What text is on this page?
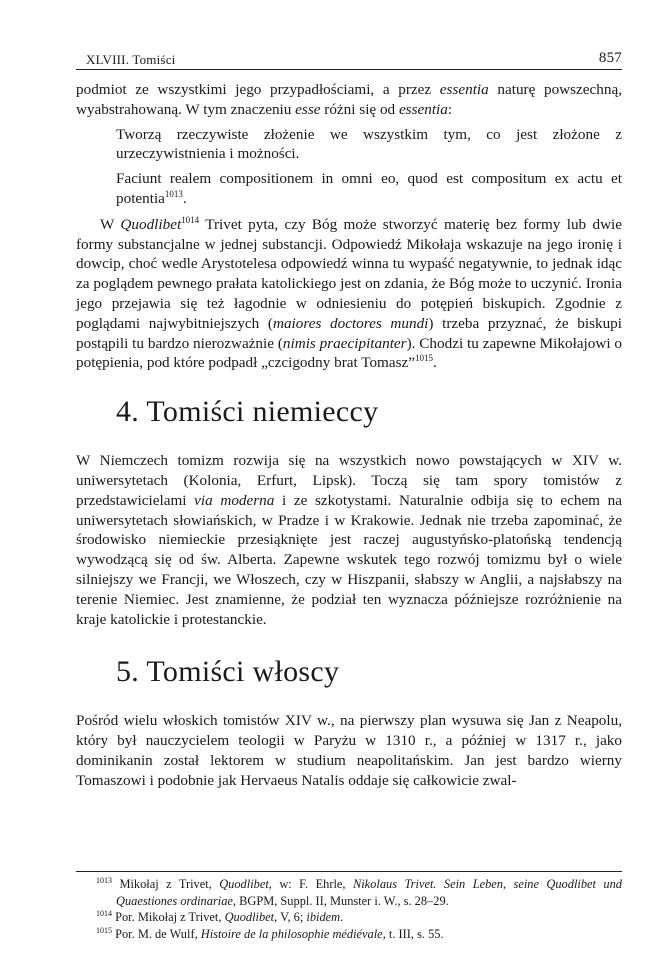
XLVIII. Tomiści	857

podmiot ze wszystkimi jego przypadłościami, a przez essentia naturę powszechną, wyabstrahowaną. W tym znaczeniu esse różni się od essentia:

Tworzą rzeczywiste złożenie we wszystkim tym, co jest złożone z urzeczywistnienia i możności.

Faciunt realem compositionem in omni eo, quod est compositum ex actu et potentia$^{1013}$.

W Quodlibet$^{1014}$ Trivet pyta, czy Bóg może stworzyć materię bez formy lub dwie formy substancjalne w jednej substancji. Odpowiedź Mikołaja wskazuje na jego ironię i dowcip, choć wedle Arystotelesa odpowiedź winna tu wypaść negatywnie, to jednak idąc za poglądem pewnego prałata katolickiego jest on zdania, że Bóg może to uczynić. Ironia jego przejawia się też łagodnie w odniesieniu do potępień biskupich. Zgodnie z poglądami najwybitniejszych (maiores doctores mundi) trzeba przyznać, że biskupi postąpili tu bardzo nierozważnie (nimis praecipitanter). Chodzi tu zapewne Mikołajowi o potępienia, pod które podpadł „czcigodny brat Tomasz”$^{1015}$.

4. Tomiści niemieccy

W Niemczech tomizm rozwija się na wszystkich nowo powstających w XIV w. uniwersytetach (Kolonia, Erfurt, Lipsk). Toczą się tam spory tomistów z przedstawicielami via moderna i ze szkotystami. Naturalnie odbija się to echem na uniwersytetach słowiańskich, w Pradze i w Krakowie. Jednak nie trzeba zapominać, że środowisko niemieckie przesiąknięte jest raczej augustyńsko-platońską tendencją wywodzącą się od św. Alberta. Zapewne wskutek tego rozwój tomizmu był o wiele silniejszy we Francji, we Włoszech, czy w Hiszpanii, słabszy w Anglii, a najsłabszy na terenie Niemiec. Jest znamienne, że podział ten wyznacza późniejsze rozróżnienie na kraje katolickie i protestanckie.

5. Tomiści włoscy

Pośród wielu włoskich tomistów XIV w., na pierwszy plan wysuwa się Jan z Neapolu, który był nauczycielem teologii w Paryżu w 1310 r., a później w 1317 r., jako dominikanin został lektorem w studium neapolitańskim. Jan jest bardzo wierny Tomaszowi i podobnie jak Hervaeus Natalis oddaje się całkowicie zwal-

$^{1013}$ Mikołaj z Trivet, Quodlibet, w: F. Ehrle, Nikolaus Trivet. Sein Leben, seine Quodlibet und Quaestiones ordinariae, BGPM, Suppl. II, Munster i. W., s. 28–29.

$^{1014}$ Por. Mikołaj z Trivet, Quodlibet, V, 6; ibidem.

$^{1015}$ Por. M. de Wulf, Histoire de la philosophie médiévale, t. III, s. 55.
